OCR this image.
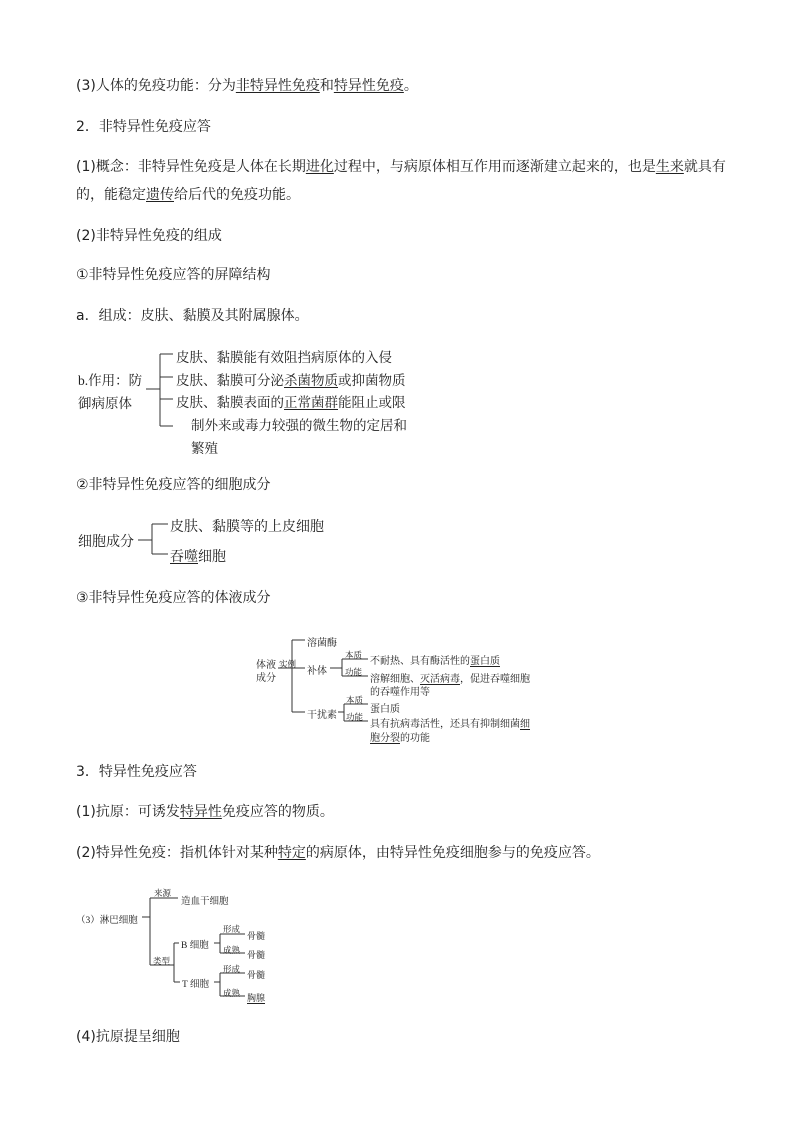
(3)人体的免疫功能：分为非特异性免疫和特异性免疫。
2．非特异性免疫应答
(1)概念：非特异性免疫是人体在长期进化过程中，与病原体相互作用而逐渐建立起来的，也是生来就具有
的，能稳定遗传给后代的免疫功能。
(2)非特异性免疫的组成
①非特异性免疫应答的屏障结构
a．组成：皮肤、黏膜及其附属腺体。
b.作用：防
御病原体
皮肤、黏膜能有效阻挡病原体的入侵
皮肤、黏膜可分泌杀菌物质或抑菌物质
皮肤、黏膜表面的正常菌群能阻止或限
制外来或毒力较强的微生物的定居和
繁殖
②非特异性免疫应答的细胞成分
细胞成分
皮肤、黏膜等的上皮细胞
吞噬细胞
③非特异性免疫应答的体液成分
体液
成分
实例
溶菌酶
补体
本质
功能
不耐热、具有酶活性的蛋白质
溶解细胞、灭活病毒，促进吞噬细胞
的吞噬作用等
干扰素
本质
功能
蛋白质
具有抗病毒活性，还具有抑制细菌细
胞分裂的功能
3．特异性免疫应答
(1)抗原：可诱发特异性免疫应答的物质。
(2)特异性免疫：指机体针对某种特定的病原体，由特异性免疫细胞参与的免疫应答。
（3）淋巴细胞
来源
造血干细胞
类型
B 细胞
形成
骨髓
成熟 骨髓
T 细胞
形成
骨髓
成熟 胸腺
(4)抗原提呈细胞
